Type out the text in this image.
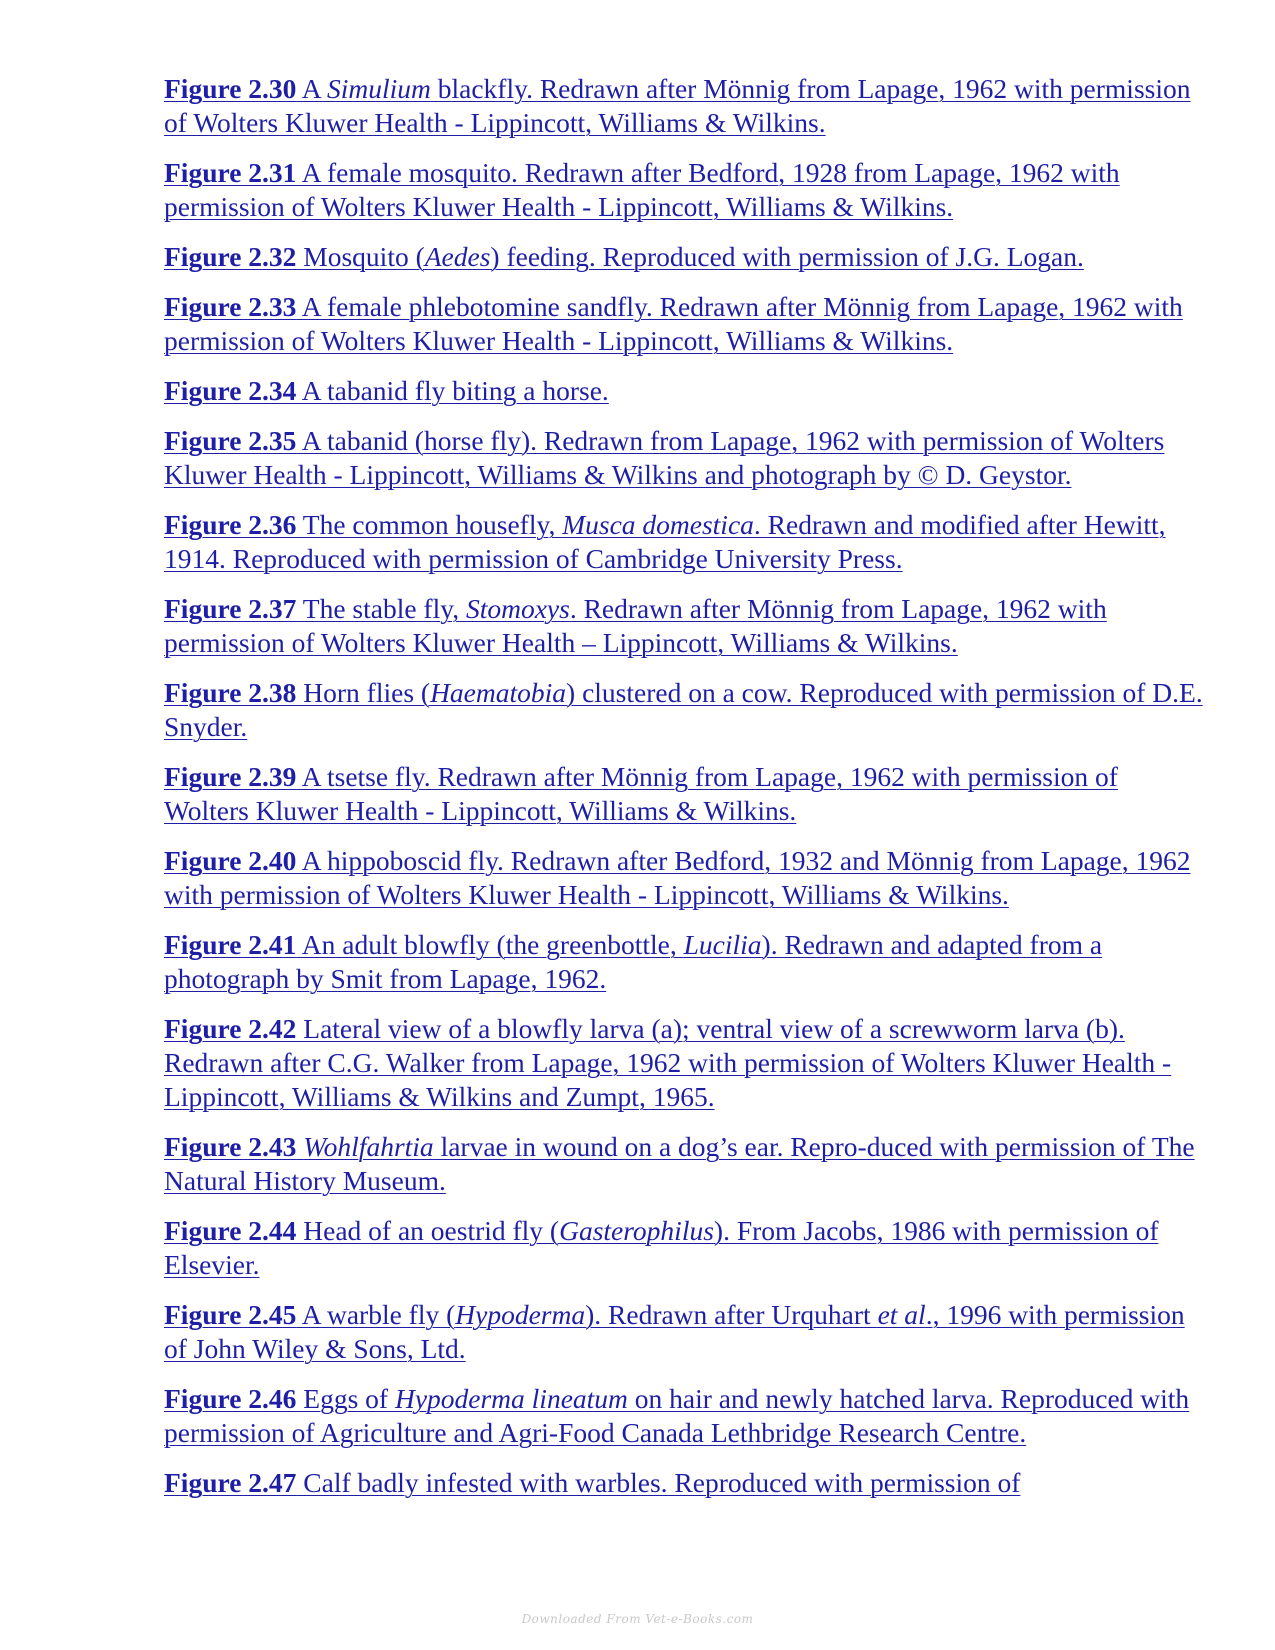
Figure 2.30 A Simulium blackfly. Redrawn after Mönnig from Lapage, 1962 with permission of Wolters Kluwer Health - Lippincott, Williams & Wilkins.

Figure 2.31 A female mosquito. Redrawn after Bedford, 1928 from Lapage, 1962 with permission of Wolters Kluwer Health - Lippincott, Williams & Wilkins.

Figure 2.32 Mosquito (Aedes) feeding. Reproduced with permission of J.G. Logan.

Figure 2.33 A female phlebotomine sandfly. Redrawn after Mönnig from Lapage, 1962 with permission of Wolters Kluwer Health - Lippincott, Williams & Wilkins.

Figure 2.34 A tabanid fly biting a horse.

Figure 2.35 A tabanid (horse fly). Redrawn from Lapage, 1962 with permission of Wolters Kluwer Health - Lippincott, Williams & Wilkins and photograph by © D. Geystor.

Figure 2.36 The common housefly, Musca domestica. Redrawn and modified after Hewitt, 1914. Reproduced with permission of Cambridge University Press.

Figure 2.37 The stable fly, Stomoxys. Redrawn after Mönnig from Lapage, 1962 with permission of Wolters Kluwer Health – Lippincott, Williams & Wilkins.

Figure 2.38 Horn flies (Haematobia) clustered on a cow. Reproduced with permission of D.E. Snyder.

Figure 2.39 A tsetse fly. Redrawn after Mönnig from Lapage, 1962 with permission of Wolters Kluwer Health - Lippincott, Williams & Wilkins.

Figure 2.40 A hippoboscid fly. Redrawn after Bedford, 1932 and Mönnig from Lapage, 1962 with permission of Wolters Kluwer Health - Lippincott, Williams & Wilkins.

Figure 2.41 An adult blowfly (the greenbottle, Lucilia). Redrawn and adapted from a photograph by Smit from Lapage, 1962.

Figure 2.42 Lateral view of a blowfly larva (a); ventral view of a screwworm larva (b). Redrawn after C.G. Walker from Lapage, 1962 with permission of Wolters Kluwer Health - Lippincott, Williams & Wilkins and Zumpt, 1965.

Figure 2.43 Wohlfahrtia larvae in wound on a dog’s ear. Repro-duced with permission of The Natural History Museum.

Figure 2.44 Head of an oestrid fly (Gasterophilus). From Jacobs, 1986 with permission of Elsevier.

Figure 2.45 A warble fly (Hypoderma). Redrawn after Urquhart et al., 1996 with permission of John Wiley & Sons, Ltd.

Figure 2.46 Eggs of Hypoderma lineatum on hair and newly hatched larva. Reproduced with permission of Agriculture and Agri-Food Canada Lethbridge Research Centre.

Figure 2.47 Calf badly infested with warbles. Reproduced with permission of

Downloaded From Vet-e-Books.com
